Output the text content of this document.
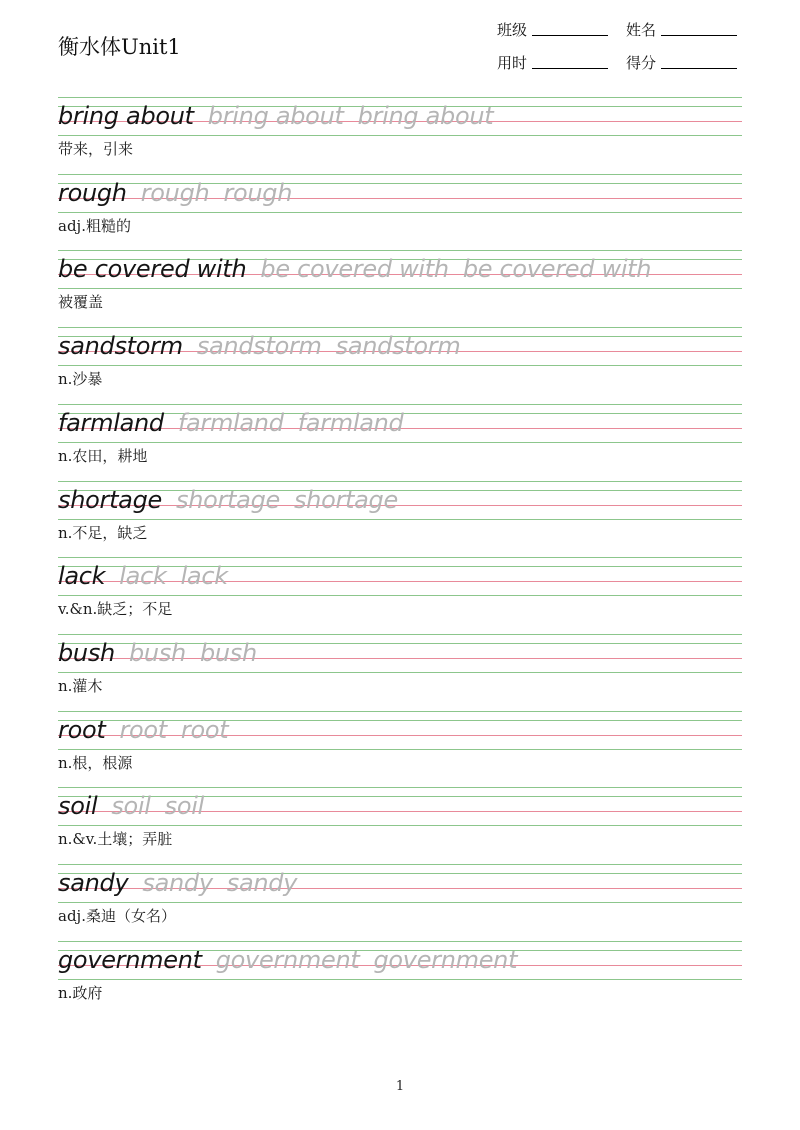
衡水体Unit1
班级	姓名
用时	得分
bring about bring about bring about
带来，引来
rough rough rough
adj.粗糙的
be covered with be covered with be covered with
被覆盖
sandstorm sandstorm sandstorm
n.沙暴
farmland farmland farmland
n.农田，耕地
shortage shortage shortage
n.不足，缺乏
lack lack lack
v.&n.缺乏；不足
bush bush bush
n.灌木
root root root
n.根，根源
soil soil soil
n.&v.土壤；弄脏
sandy sandy sandy
adj.桑迪（女名）
government government government
n.政府
1
